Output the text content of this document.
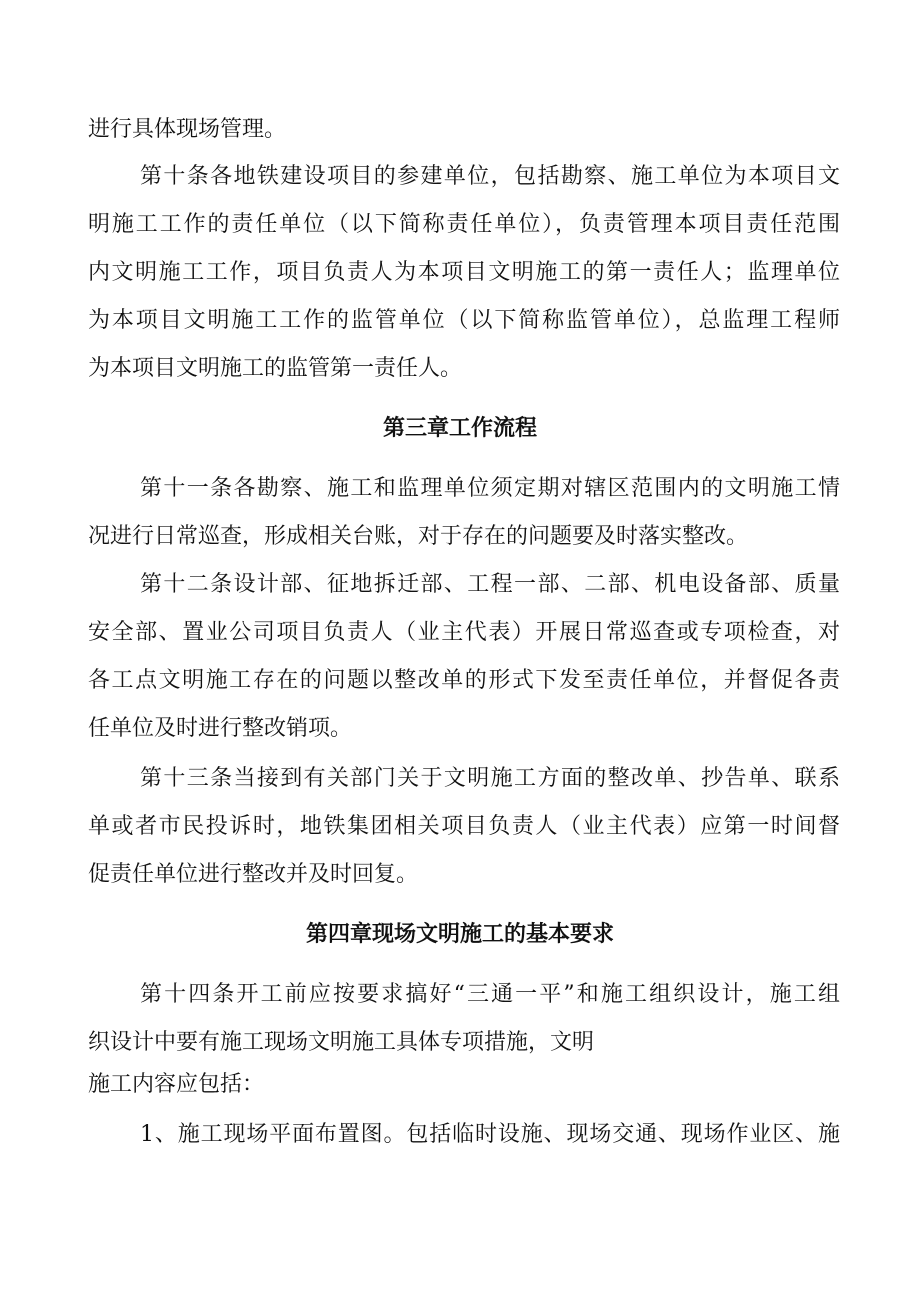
进行具体现场管理。
第十条各地铁建设项目的参建单位，包括勘察、施工单位为本项目文
明施工工作的责任单位（以下简称责任单位），负责管理本项目责任范围
内文明施工工作，项目负责人为本项目文明施工的第一责任人；监理单位
为本项目文明施工工作的监管单位（以下简称监管单位），总监理工程师
为本项目文明施工的监管第一责任人。
第三章工作流程
第十一条各勘察、施工和监理单位须定期对辖区范围内的文明施工情
况进行日常巡查，形成相关台账，对于存在的问题要及时落实整改。
第十二条设计部、征地拆迁部、工程一部、二部、机电设备部、质量
安全部、置业公司项目负责人（业主代表）开展日常巡查或专项检查，对
各工点文明施工存在的问题以整改单的形式下发至责任单位，并督促各责
任单位及时进行整改销项。
第十三条当接到有关部门关于文明施工方面的整改单、抄告单、联系
单或者市民投诉时，地铁集团相关项目负责人（业主代表）应第一时间督
促责任单位进行整改并及时回复。
第四章现场文明施工的基本要求
第十四条开工前应按要求搞好“三通一平”和施工组织设计，施工组
织设计中要有施工现场文明施工具体专项措施，文明
施工内容应包括：
1、施工现场平面布置图。包括临时设施、现场交通、现场作业区、施
